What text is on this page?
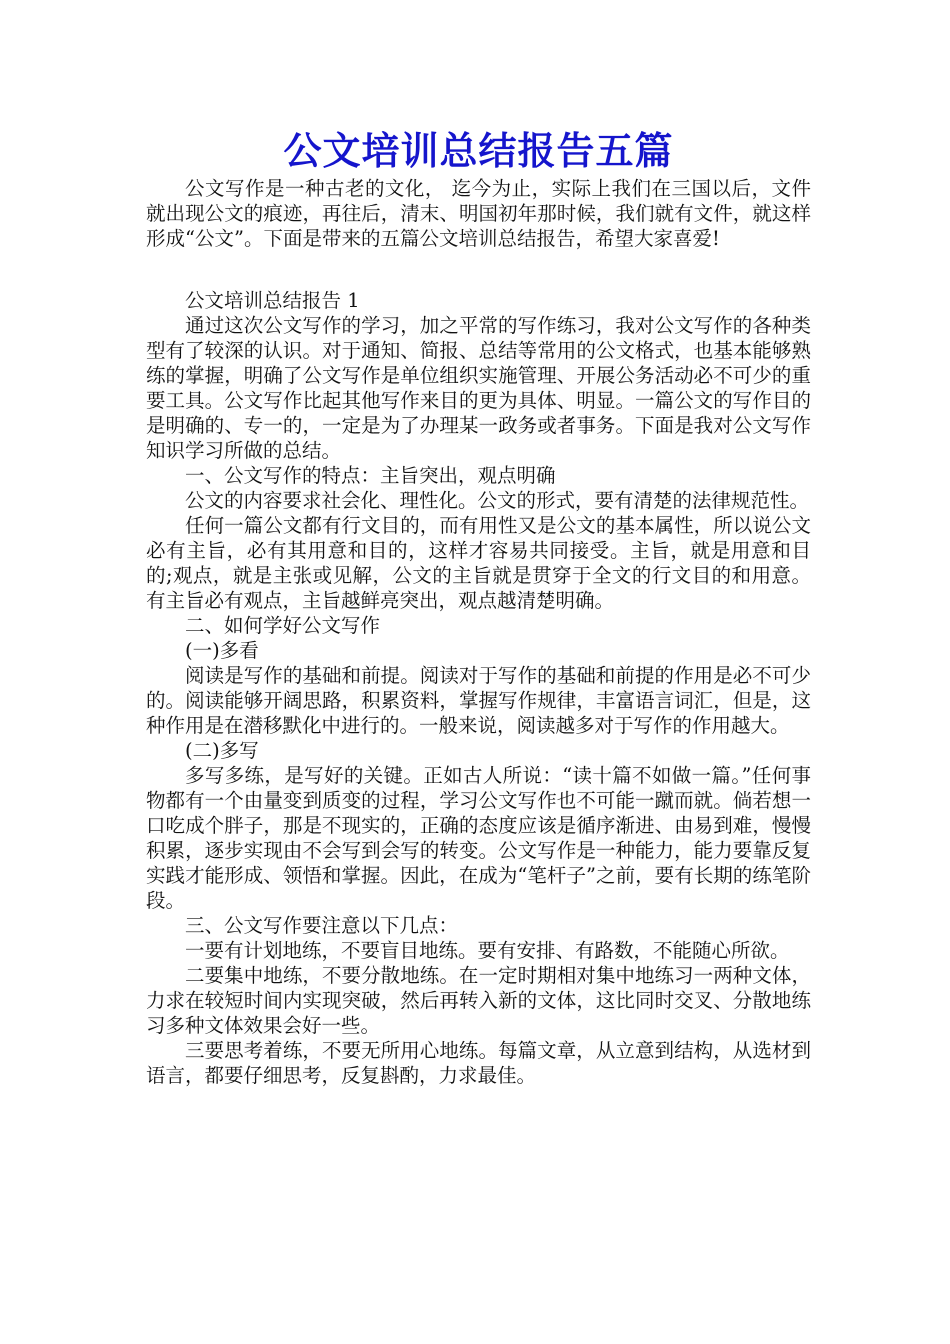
公文培训总结报告五篇

公文写作是一种古老的文化， 迄今为止，实际上我们在三国以后，文件就出现公文的痕迹，再往后，清末、明国初年那时候，我们就有文件，就这样形成“公文”。下面是带来的五篇公文培训总结报告，希望大家喜爱!

公文培训总结报告 1

通过这次公文写作的学习，加之平常的写作练习，我对公文写作的各种类型有了较深的认识。对于通知、简报、总结等常用的公文格式，也基本能够熟练的掌握，明确了公文写作是单位组织实施管理、开展公务活动必不可少的重要工具。公文写作比起其他写作来目的更为具体、明显。一篇公文的写作目的是明确的、专一的，一定是为了办理某一政务或者事务。下面是我对公文写作知识学习所做的总结。

一、公文写作的特点：主旨突出，观点明确

公文的内容要求社会化、理性化。公文的形式，要有清楚的法律规范性。

任何一篇公文都有行文目的，而有用性又是公文的基本属性，所以说公文必有主旨，必有其用意和目的，这样才容易共同接受。主旨，就是用意和目的;观点，就是主张或见解，公文的主旨就是贯穿于全文的行文目的和用意。有主旨必有观点，主旨越鲜亮突出，观点越清楚明确。

二、如何学好公文写作

(一)多看

阅读是写作的基础和前提。阅读对于写作的基础和前提的作用是必不可少的。阅读能够开阔思路，积累资料，掌握写作规律，丰富语言词汇，但是，这种作用是在潜移默化中进行的。一般来说，阅读越多对于写作的作用越大。

(二)多写

多写多练，是写好的关键。正如古人所说：“读十篇不如做一篇。”任何事物都有一个由量变到质变的过程，学习公文写作也不可能一蹴而就。倘若想一口吃成个胖子，那是不现实的，正确的态度应该是循序渐进、由易到难，慢慢积累，逐步实现由不会写到会写的转变。公文写作是一种能力，能力要靠反复实践才能形成、领悟和掌握。因此，在成为“笔杆子”之前，要有长期的练笔阶段。

三、公文写作要注意以下几点：

一要有计划地练，不要盲目地练。要有安排、有路数，不能随心所欲。

二要集中地练，不要分散地练。在一定时期相对集中地练习一两种文体，力求在较短时间内实现突破，然后再转入新的文体，这比同时交叉、分散地练习多种文体效果会好一些。

三要思考着练，不要无所用心地练。每篇文章，从立意到结构，从选材到语言，都要仔细思考，反复斟酌，力求最佳。
